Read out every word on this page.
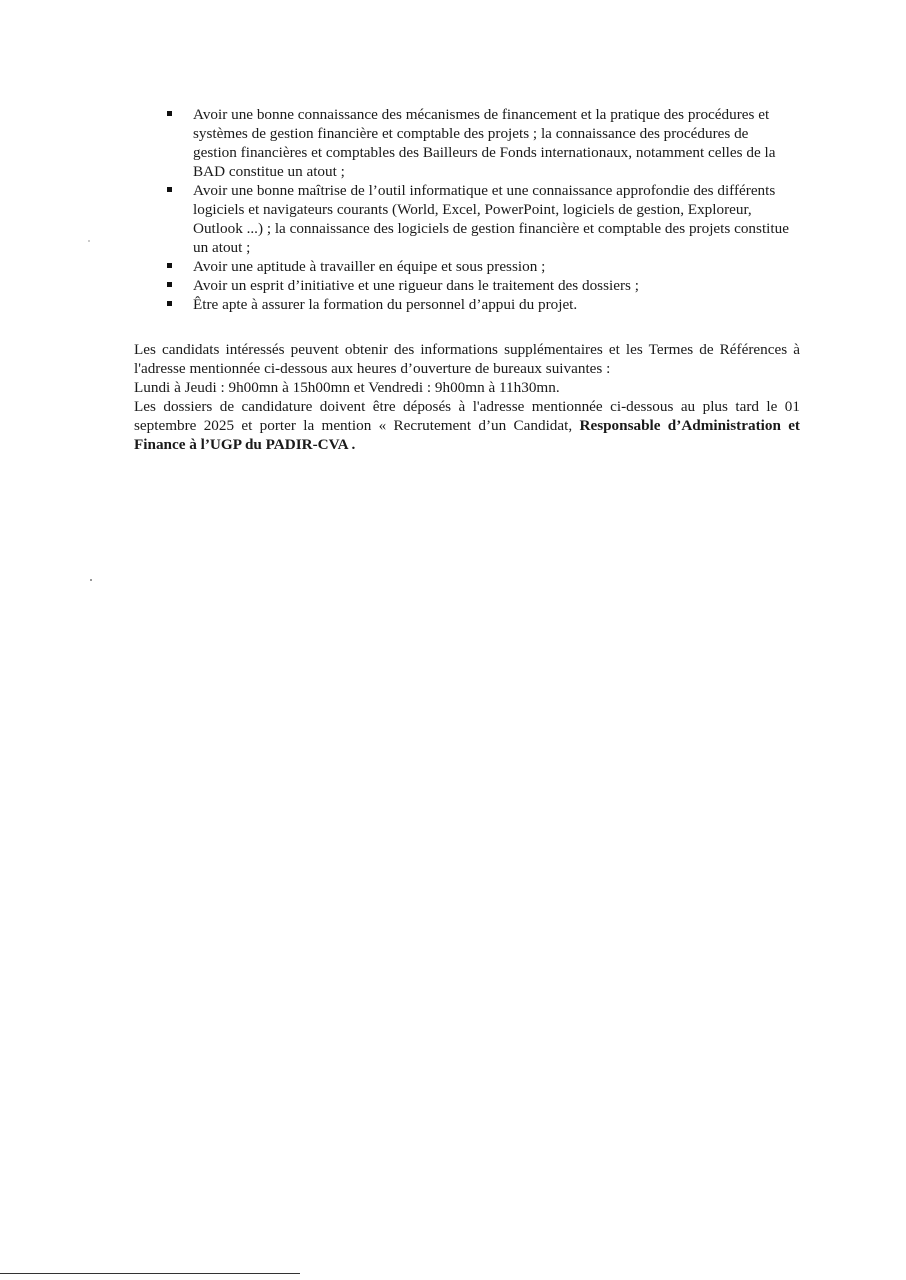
Avoir une bonne connaissance des mécanismes de financement et la pratique des procédures et systèmes de gestion financière et comptable des projets ; la connaissance des procédures de gestion financières et comptables des Bailleurs de Fonds internationaux, notamment celles de la BAD constitue un atout ;
Avoir une bonne maîtrise de l’outil informatique et une connaissance approfondie des différents logiciels et navigateurs courants (World, Excel, PowerPoint, logiciels de gestion, Exploreur, Outlook ...) ; la connaissance des logiciels de gestion financière et comptable des projets constitue un atout ;
Avoir une aptitude à travailler en équipe et sous pression ;
Avoir un esprit d’initiative et une rigueur dans le traitement des dossiers ;
Être apte à assurer la formation du personnel d’appui du projet.

Les candidats intéressés peuvent obtenir des informations supplémentaires et les Termes de Références à l'adresse mentionnée ci-dessous aux heures d’ouverture de bureaux suivantes :

Lundi à Jeudi : 9h00mn à 15h00mn et Vendredi : 9h00mn à 11h30mn.

Les dossiers de candidature doivent être déposés à l'adresse mentionnée ci-dessous au plus tard le 01 septembre 2025 et porter la mention « Recrutement d’un Candidat, Responsable d’Administration et Finance à l’UGP du PADIR-CVA .
